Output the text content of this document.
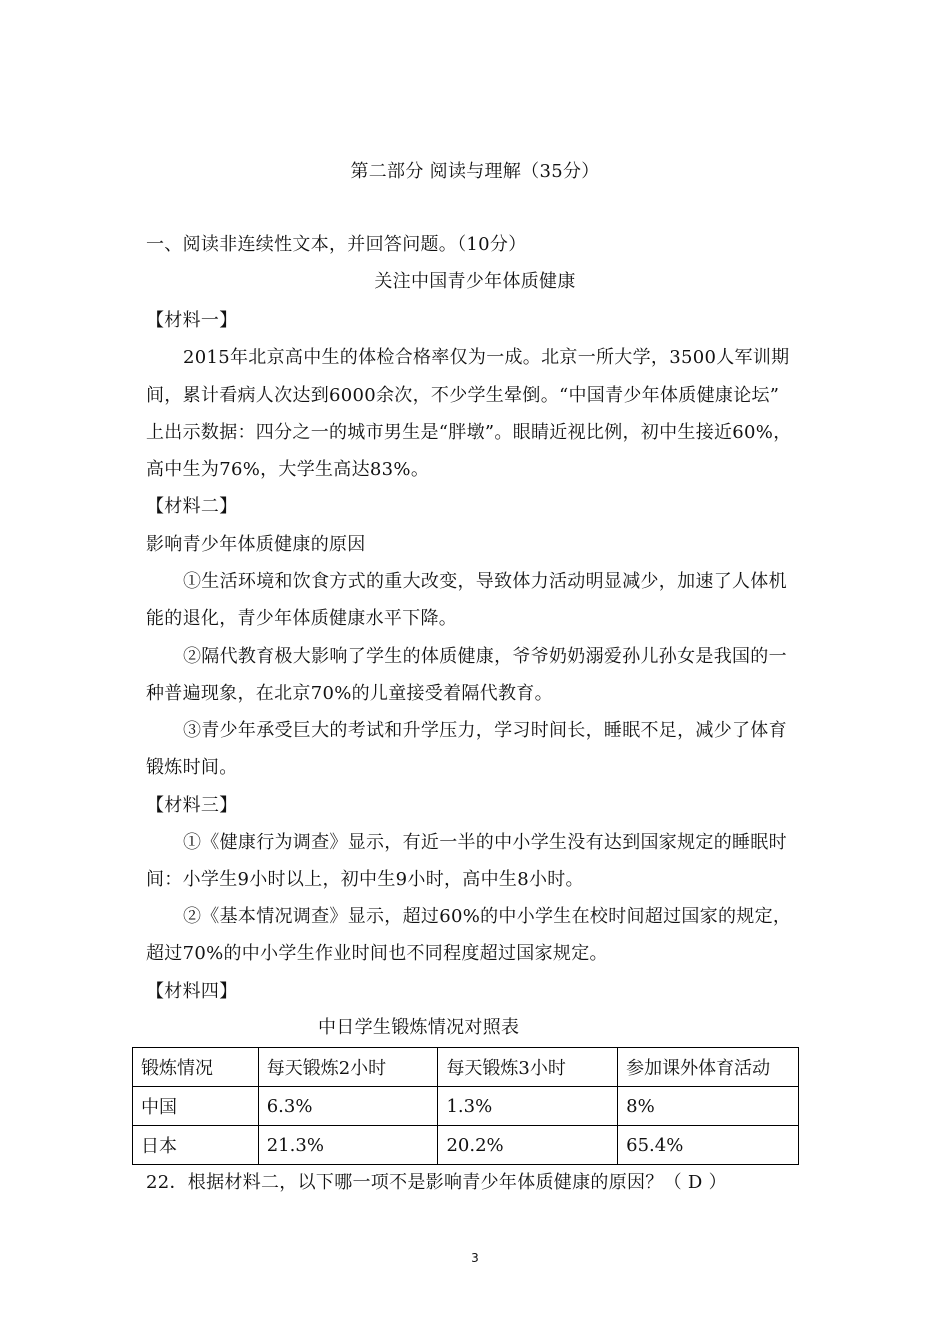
第二部分 阅读与理解（35分）
一、阅读非连续性文本，并回答问题。（10分）
关注中国青少年体质健康
【材料一】
2015年北京高中生的体检合格率仅为一成。北京一所大学，3500人军训期
间，累计看病人次达到6000余次，不少学生晕倒。“中国青少年体质健康论坛”
上出示数据：四分之一的城市男生是“胖墩”。眼睛近视比例，初中生接近60%，
高中生为76%，大学生高达83%。
【材料二】
影响青少年体质健康的原因
①生活环境和饮食方式的重大改变，导致体力活动明显减少，加速了人体机
能的退化，青少年体质健康水平下降。
②隔代教育极大影响了学生的体质健康，爷爷奶奶溺爱孙儿孙女是我国的一
种普遍现象，在北京70%的儿童接受着隔代教育。
③青少年承受巨大的考试和升学压力，学习时间长，睡眠不足，减少了体育
锻炼时间。
【材料三】
①《健康行为调查》显示，有近一半的中小学生没有达到国家规定的睡眠时
间：小学生9小时以上，初中生9小时，高中生8小时。
②《基本情况调查》显示，超过60%的中小学生在校时间超过国家的规定，
超过70%的中小学生作业时间也不同程度超过国家规定。
【材料四】
中日学生锻炼情况对照表
锻炼情况	每天锻炼2小时	每天锻炼3小时	参加课外体育活动
中国	6.3%	1.3%	8%
日本	21.3%	20.2%	65.4%
22．根据材料二，以下哪一项不是影响青少年体质健康的原因？（ D ）
3
